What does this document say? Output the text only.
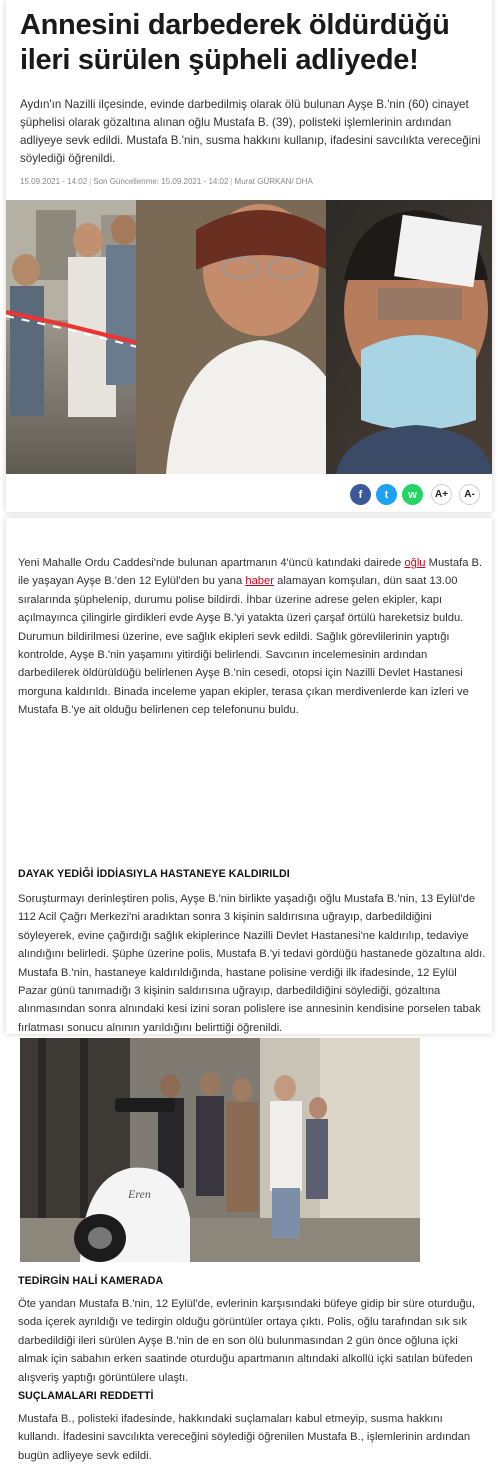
Annesini darbederek öldürdüğü ileri sürülen şüpheli adliyede!

Aydın'ın Nazilli ilçesinde, evinde darbedilmiş olarak ölü bulunan Ayşe B.'nin (60) cinayet şüphelisi olarak gözaltına alınan oğlu Mustafa B. (39), polisteki işlemlerinin ardından adliyeye sevk edildi. Mustafa B.'nin, susma hakkını kullanıp, ifadesini savcılıkta vereceğini söylediği öğrenildi.

15.09.2021 - 14:02 | Son Güncellenme: 15.09.2021 - 14:02 | Murat GÜRKAN/ DHA
f t w A+ A-

Yeni Mahalle Ordu Caddesi'nde bulunan apartmanın 4'üncü katındaki dairede oğlu Mustafa B. ile yaşayan Ayşe B.'den 12 Eylül'den bu yana haber alamayan komşuları, dün saat 13.00 sıralarında şüphelenip, durumu polise bildirdi. İhbar üzerine adrese gelen ekipler, kapı açılmayınca çilingirle girdikleri evde Ayşe B.'yi yatakta üzeri çarşaf örtülü hareketsiz buldu. Durumun bildirilmesi üzerine, eve sağlık ekipleri sevk edildi. Sağlık görevlilerinin yaptığı kontrolde, Ayşe B.'nin yaşamını yitirdiği belirlendi. Savcının incelemesinin ardından darbedilerek öldürüldüğü belirlenen Ayşe B.'nin cesedi, otopsi için Nazilli Devlet Hastanesi morguna kaldırıldı. Binada inceleme yapan ekipler, terasa çıkan merdivenlerde kan izleri ve Mustafa B.'ye ait olduğu belirlenen cep telefonunu buldu.

DAYAK YEDİĞİ İDDİASIYLA HASTANEYE KALDIRILDI

Soruşturmayı derinleştiren polis, Ayşe B.'nin birlikte yaşadığı oğlu Mustafa B.'nin, 13 Eylül'de 112 Acil Çağrı Merkezi'ni aradıktan sonra 3 kişinin saldırısına uğrayıp, darbedildiğini söyleyerek, evine çağırdığı sağlık ekiplerince Nazilli Devlet Hastanesi'ne kaldırılıp, tedaviye alındığını belirledi. Şüphe üzerine polis, Mustafa B.'yi tedavi gördüğü hastanede gözaltına aldı. Mustafa B.'nin, hastaneye kaldırıldığında, hastane polisine verdiği ilk ifadesinde, 12 Eylül Pazar günü tanımadığı 3 kişinin saldırısına uğrayıp, darbedildiğini söylediği, gözaltına alınmasından sonra alnındaki kesi izini soran polislere ise annesinin kendisine porselen tabak fırlatması sonucu alnının yarıldığını belirttiği öğrenildi.

Eren
TEDİRGİN HALİ KAMERADA

Öte yandan Mustafa B.'nin, 12 Eylül'de, evlerinin karşısındaki büfeye gidip bir süre oturduğu, soda içerek ayrıldığı ve tedirgin olduğu görüntüler ortaya çıktı. Polis, oğlu tarafından sık sık darbedildiği ileri sürülen Ayşe B.'nin de en son ölü bulunmasından 2 gün önce oğluna içki almak için sabahın erken saatinde oturduğu apartmanın altındaki alkollü içki satılan büfeden alışveriş yaptığı görüntülere ulaştı.

SUÇLAMALARI REDDETTİ

Mustafa B., polisteki ifadesinde, hakkındaki suçlamaları kabul etmeyip, susma hakkını kullandı. İfadesini savcılıkta vereceğini söylediği öğrenilen Mustafa B., işlemlerinin ardından bugün adliyeye sevk edildi.
